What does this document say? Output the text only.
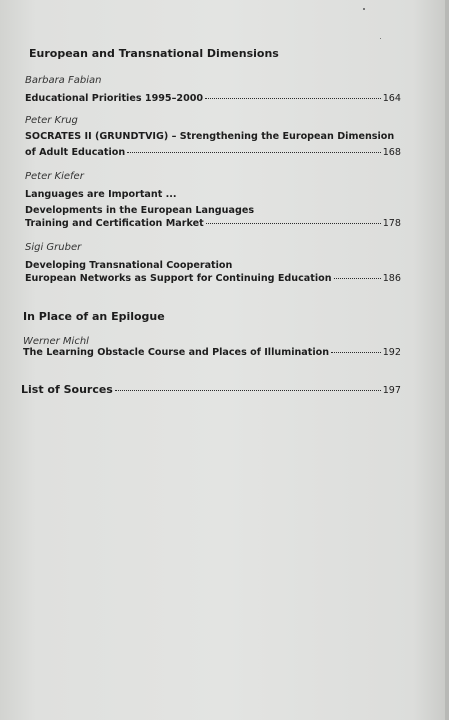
European and Transnational Dimensions
Barbara Fabian
Educational Priorities 1995–2000	164
Peter Krug
SOCRATES II (GRUNDTVIG) – Strengthening the European Dimension
of Adult Education	168
Peter Kiefer
Languages are Important ...
Developments in the European Languages
Training and Certification Market	178
Sigi Gruber
Developing Transnational Cooperation
European Networks as Support for Continuing Education	186
In Place of an Epilogue
Werner Michl
The Learning Obstacle Course and Places of Illumination	192
List of Sources	197
